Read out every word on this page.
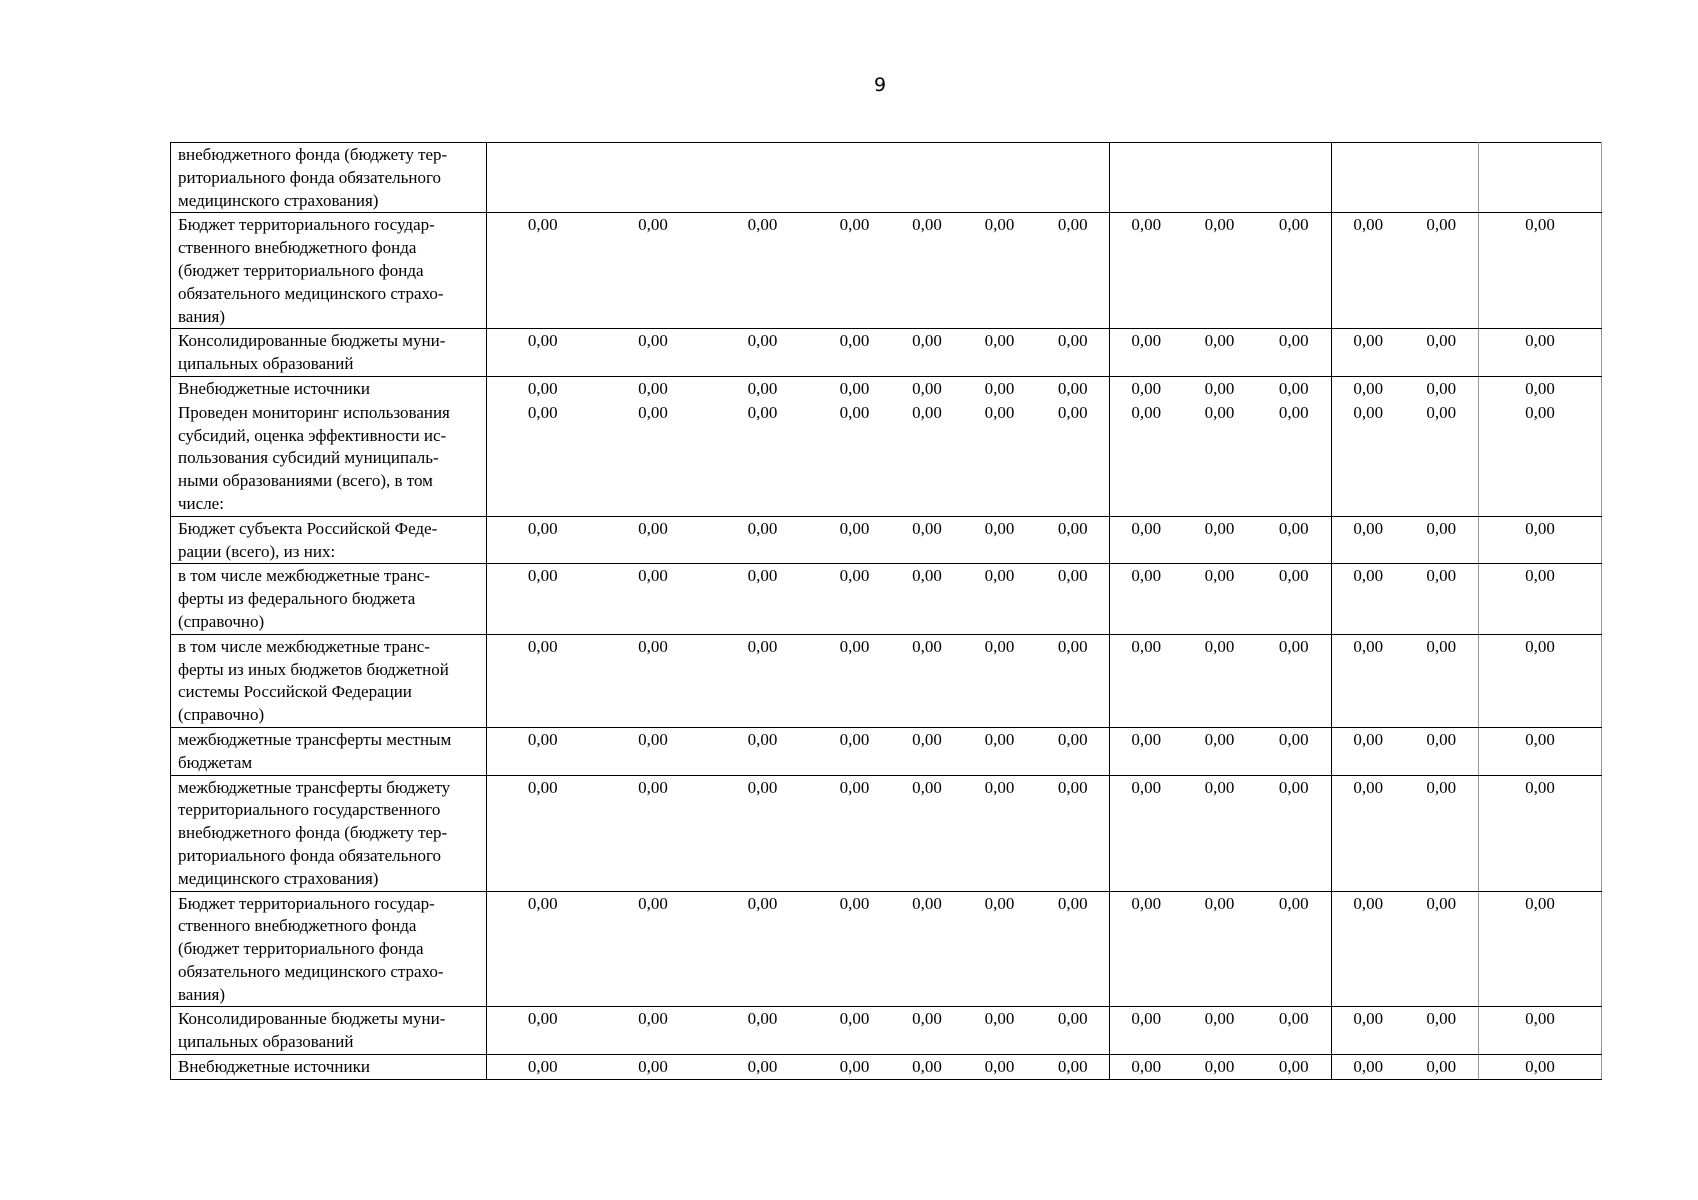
9
внебюджетного фонда (бюджету тер-
риториального фонда обязательного
медицинского страхования)													
Бюджет территориального государ-
ственного внебюджетного фонда
(бюджет территориального фонда
обязательного медицинского страхо-
вания)	0,00	0,00	0,00	0,00	0,00	0,00	0,00	0,00	0,00	0,00	0,00	0,00	0,00
Консолидированные бюджеты муни-
ципальных образований	0,00	0,00	0,00	0,00	0,00	0,00	0,00	0,00	0,00	0,00	0,00	0,00	0,00
Внебюджетные источники	0,00	0,00	0,00	0,00	0,00	0,00	0,00	0,00	0,00	0,00	0,00	0,00	0,00
Проведен мониторинг использования
субсидий, оценка эффективности ис-
пользования субсидий муниципаль-
ными образованиями (всего), в том
числе:	0,00	0,00	0,00	0,00	0,00	0,00	0,00	0,00	0,00	0,00	0,00	0,00	0,00
Бюджет субъекта Российской Феде-
рации (всего), из них:	0,00	0,00	0,00	0,00	0,00	0,00	0,00	0,00	0,00	0,00	0,00	0,00	0,00
в том числе межбюджетные транс-
ферты из федерального бюджета
(справочно)	0,00	0,00	0,00	0,00	0,00	0,00	0,00	0,00	0,00	0,00	0,00	0,00	0,00
в том числе межбюджетные транс-
ферты из иных бюджетов бюджетной
системы Российской Федерации
(справочно)	0,00	0,00	0,00	0,00	0,00	0,00	0,00	0,00	0,00	0,00	0,00	0,00	0,00
межбюджетные трансферты местным
бюджетам	0,00	0,00	0,00	0,00	0,00	0,00	0,00	0,00	0,00	0,00	0,00	0,00	0,00
межбюджетные трансферты бюджету
территориального государственного
внебюджетного фонда (бюджету тер-
риториального фонда обязательного
медицинского страхования)	0,00	0,00	0,00	0,00	0,00	0,00	0,00	0,00	0,00	0,00	0,00	0,00	0,00
Бюджет территориального государ-
ственного внебюджетного фонда
(бюджет территориального фонда
обязательного медицинского страхо-
вания)	0,00	0,00	0,00	0,00	0,00	0,00	0,00	0,00	0,00	0,00	0,00	0,00	0,00
Консолидированные бюджеты муни-
ципальных образований	0,00	0,00	0,00	0,00	0,00	0,00	0,00	0,00	0,00	0,00	0,00	0,00	0,00
Внебюджетные источники	0,00	0,00	0,00	0,00	0,00	0,00	0,00	0,00	0,00	0,00	0,00	0,00	0,00
